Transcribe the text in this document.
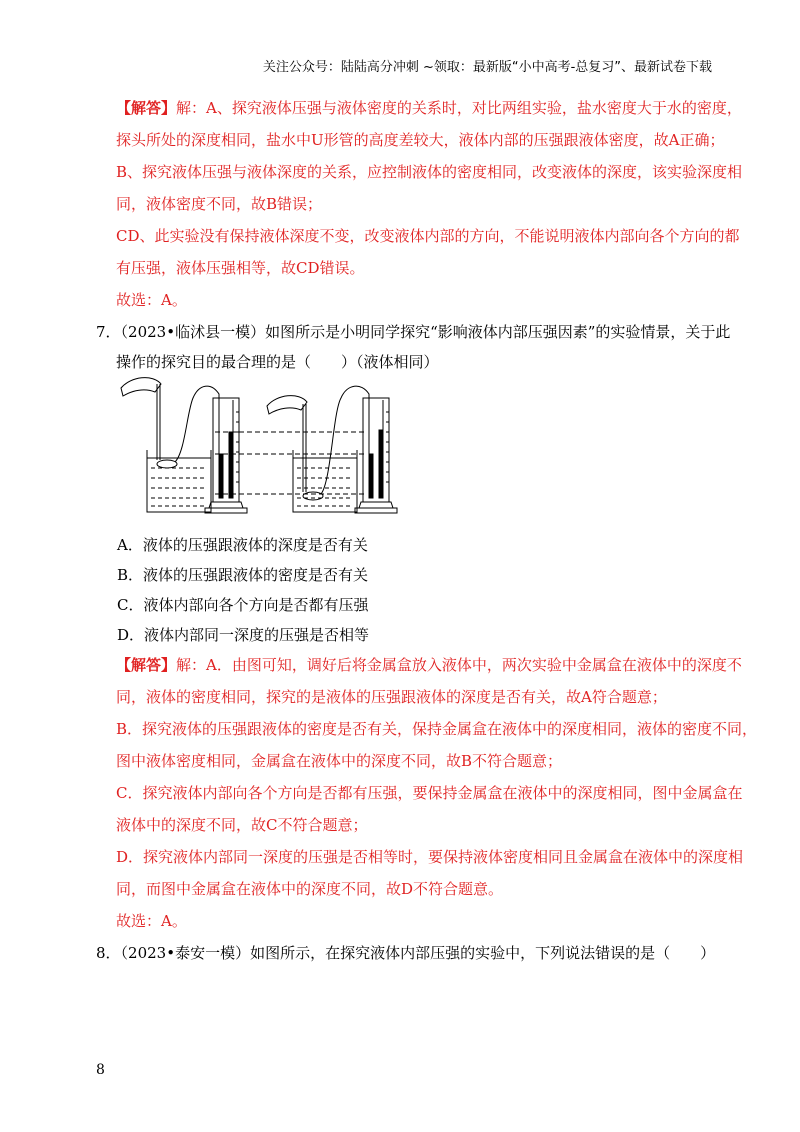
关注公众号：陆陆高分冲刺 ~领取：最新版“小中高考-总复习”、最新试卷下载
【解答】解：A、探究液体压强与液体密度的关系时，对比两组实验，盐水密度大于水的密度，
探头所处的深度相同，盐水中U形管的高度差较大，液体内部的压强跟液体密度，故A正确；
B、探究液体压强与液体深度的关系，应控制液体的密度相同，改变液体的深度，该实验深度相
同，液体密度不同，故B错误；
CD、此实验没有保持液体深度不变，改变液体内部的方向，不能说明液体内部向各个方向的都
有压强，液体压强相等，故CD错误。
故选：A。
7．（2023•临沭县一模）如图所示是小明同学探究“影响液体内部压强因素”的实验情景，关于此
操作的探究目的最合理的是（　　）（液体相同）
A．液体的压强跟液体的深度是否有关
B．液体的压强跟液体的密度是否有关
C．液体内部向各个方向是否都有压强
D．液体内部同一深度的压强是否相等
【解答】解：A．由图可知，调好后将金属盒放入液体中，两次实验中金属盒在液体中的深度不
同，液体的密度相同，探究的是液体的压强跟液体的深度是否有关，故A符合题意；
B．探究液体的压强跟液体的密度是否有关，保持金属盒在液体中的深度相同，液体的密度不同，
图中液体密度相同，金属盒在液体中的深度不同，故B不符合题意；
C．探究液体内部向各个方向是否都有压强，要保持金属盒在液体中的深度相同，图中金属盒在
液体中的深度不同，故C不符合题意；
D．探究液体内部同一深度的压强是否相等时，要保持液体密度相同且金属盒在液体中的深度相
同，而图中金属盒在液体中的深度不同，故D不符合题意。
故选：A。
8．（2023•泰安一模）如图所示，在探究液体内部压强的实验中，下列说法错误的是（　　）
8
